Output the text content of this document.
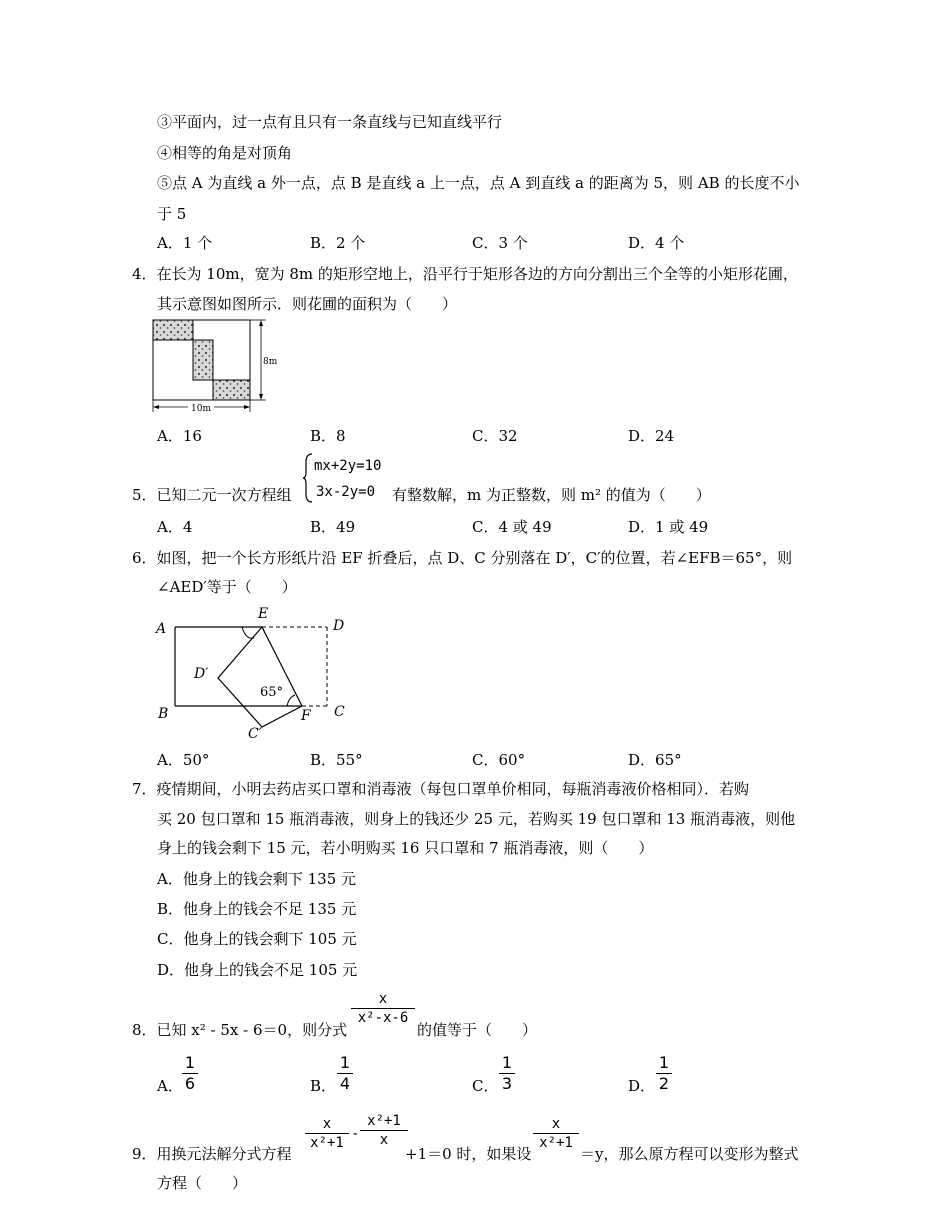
③平面内，过一点有且只有一条直线与已知直线平行
④相等的角是对顶角
⑤点 A 为直线 a 外一点，点 B 是直线 a 上一点，点 A 到直线 a 的距离为 5，则 AB 的长度不小
于 5
A．1 个	B．2 个	C．3 个	D．4 个
4．在长为 10m，宽为 8m 的矩形空地上，沿平行于矩形各边的方向分割出三个全等的小矩形花圃，
其示意图如图所示．则花圃的面积为（　　）
8m
10m
A．16	B．8	C．32	D．24
5．已知二元一次方程组
mx+2y=10
3x-2y=0 有整数解，m 为正整数，则 m² 的值为（　　）
A．4	B．49	C．4 或 49	D．1 或 49
6．如图，把一个长方形纸片沿 EF 折叠后，点 D、C 分别落在 D′，C′的位置，若∠EFB＝65°，则
∠AED′等于（　　）
A	D
B	C
E
F
D′
C′
65°
A．50°	B．55°	C．60°	D．65°
7．疫情期间，小明去药店买口罩和消毒液（每包口罩单价相同，每瓶消毒液价格相同）．若购
买 20 包口罩和 15 瓶消毒液，则身上的钱还少 25 元，若购买 19 包口罩和 13 瓶消毒液，则他
身上的钱会剩下 15 元，若小明购买 16 只口罩和 7 瓶消毒液，则（　　）
A．他身上的钱会剩下 135 元
B．他身上的钱会不足 135 元
C．他身上的钱会剩下 105 元
D．他身上的钱会不足 105 元
8．已知 x² - 5x - 6＝0，则分式
$\frac{x}{\text{x²-x-6}}$
的值等于（　　）
A． $\frac{1}{6}$	B． $\frac{1}{4}$	C． $\frac{1}{3}$	D． $\frac{1}{2}$
9．用换元法解分式方程
$\frac{x}{\text{x²+1}} - \frac{\text{x²+1}}{x}$
+1＝0 时，如果设
$\frac{x}{\text{x²+1}}$
＝y，那么原方程可以变形为整式
方程（　　）
